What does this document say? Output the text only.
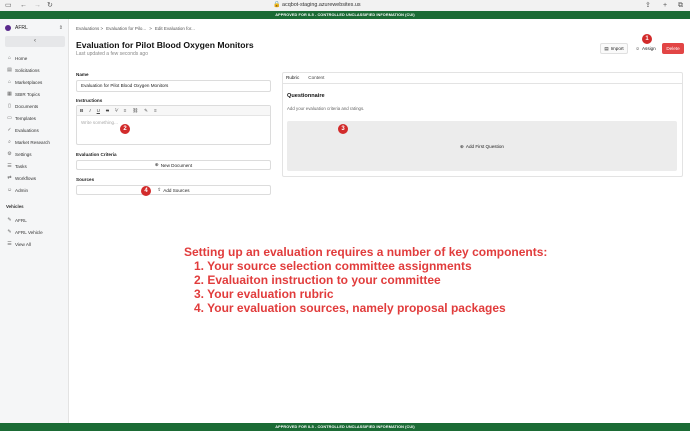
▭ ← → ↻	🔒 acqbot-staging.azurewebsites.us	⇪ + ⧉
APPROVED FOR IL5 - CONTROLLED UNCLASSIFIED INFORMATION (CUI)
AFRL	⇕
‹
⌂ Home
▤ Solicitations
⌂ Marketplaces
▦ SBIR Topics
▯ Documents
▭ Templates
✓ Evaluations
⌕ Market Research
⚙ Settings
☰ Tasks
⇄ Workflows
☺ Admin
Vehicles
✎ AFRL
✎ AFRL Vehicle
☰ View All
Evaluations > Evaluation for Pilo... > Edit Evaluation for...
Evaluation for Pilot Blood Oxygen Monitors
Last updated a few seconds ago
▤ Import	☺ Assign	Delete
Name
Evaluation for Pilot Blood Oxygen Monitors
Instructions
B I U S ⅟ ≡ ⛓ ✎ ≡
Write something...
Evaluation Criteria
⊕ New Document
Sources
⇪ Add Sources
Rubric Content
Questionnaire
Add your evaluation criteria and ratings.
⊕ Add First Question
1
2	3
4
Setting up an evaluation requires a number of key components:
1. Your source selection committee assignments
2. Evaluaiton instruction to your committee
3. Your evaluation rubric
4. Your evaluation sources, namely proposal packages
APPROVED FOR IL5 - CONTROLLED UNCLASSIFIED INFORMATION (CUI)
